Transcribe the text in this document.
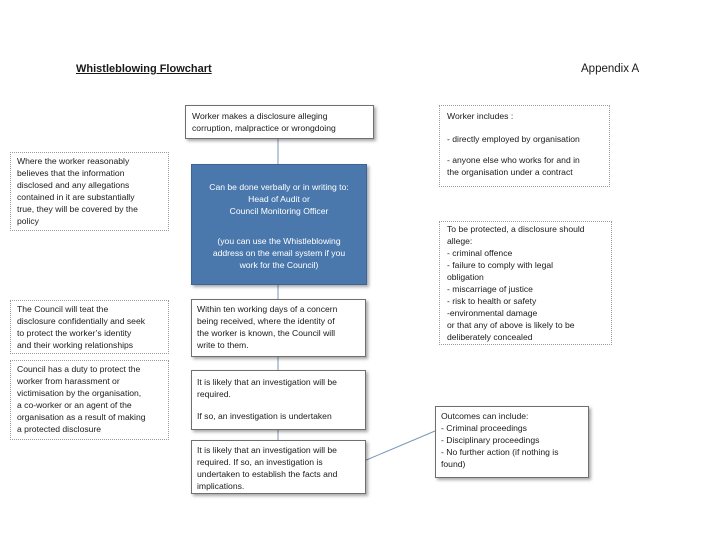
Whistleblowing Flowchart	Appendix A
Worker makes a disclosure alleging
corruption, malpractice or wrongdoing
Can be done verbally or in writing to:
Head of Audit or
Council Monitoring Officer
(you can use the Whistleblowing
address on the email system if you
work for the Council)
Within ten working days of a concern
being received, where the identity of
the worker is known, the Council will
write to them.
It is likely that an investigation will be
required.
If so, an investigation is undertaken
It is likely that an investigation will be
required. If so, an investigation is
undertaken to establish the facts and
implications.
Where the worker reasonably
believes that the information
disclosed and any allegations
contained in it are substantially
true, they will be covered by the
policy
The Council will teat the
disclosure confidentially and seek
to protect the worker’s identity
and their working relationships
Council has a duty to protect the
worker from harassment or
victimisation by the organisation,
a co-worker or an agent of the
organisation as a result of making
a protected disclosure
Worker includes :
- directly employed by organisation
- anyone else who works for and in
the organisation under a contract
To be protected, a disclosure should
allege:
- criminal offence
- failure to comply with legal
obligation
- miscarriage of justice
- risk to health or safety
-environmental damage
or that any of above is likely to be
deliberately concealed
Outcomes can include:
- Criminal proceedings
- Disciplinary proceedings
- No further action (if nothing is
found)
